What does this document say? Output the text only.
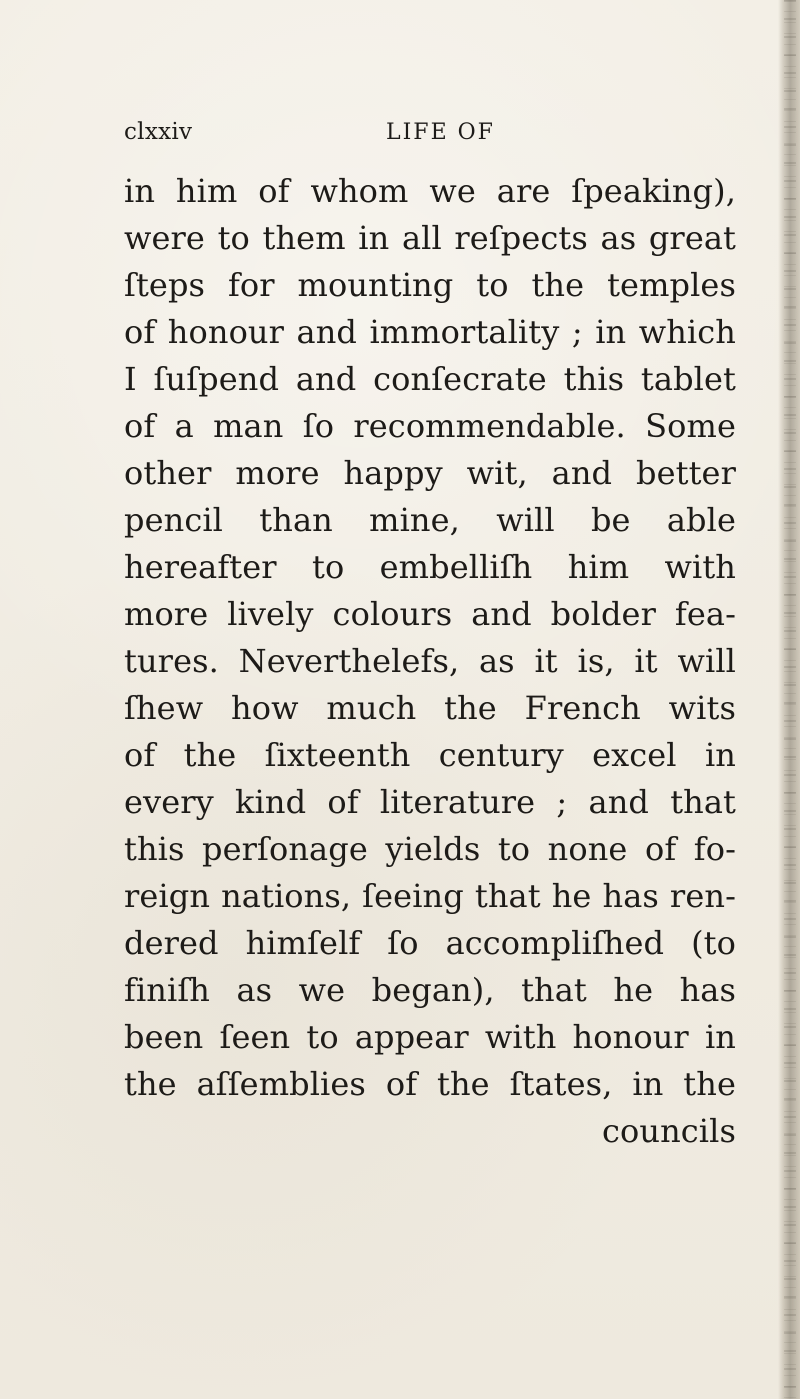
clxxiv	LIFE OF
in him of whom we are ſpeaking),
were to them in all reſpects as great
ſteps for mounting to the temples
of honour and immortality ; in which
I ſuſpend and conſecrate this tablet
of a man ſo recommendable. Some
other more happy wit, and better
pencil than mine, will be able
hereafter to embelliſh him with
more lively colours and bolder fea-
tures. Neverthelefs, as it is, it will
ſhew how much the French wits
of the ſixteenth century excel in
every kind of literature ; and that
this perſonage yields to none of fo-
reign nations, ſeeing that he has ren-
dered himſelf ſo accompliſhed (to
finiſh as we began), that he has
been ſeen to appear with honour in
the aſſemblies of the ſtates, in the
councils
